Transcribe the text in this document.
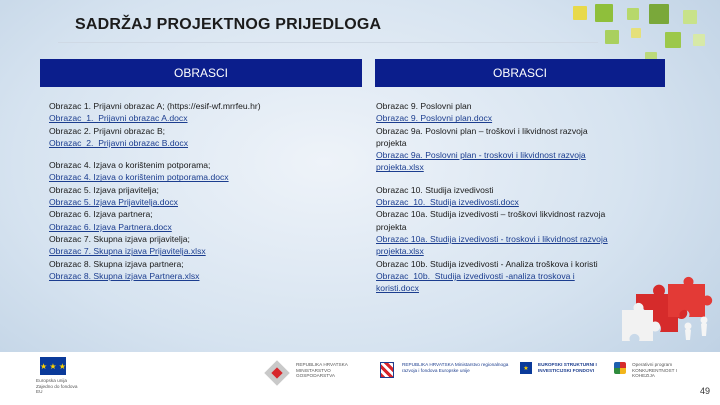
SADRŽAJ PROJEKTNOG PRIJEDLOGA
OBRASCI	OBRASCI
Obrazac 1. Prijavni obrazac A; (https://esif-wf.mrrfeu.hr)
Obrazac_1._Prijavni obrazac A.docx
Obrazac 2. Prijavni obrazac B;
Obrazac_2._Prijavni obrazac B.docx
Obrazac 4. Izjava o korištenim potporama;
Obrazac 4. Izjava o korištenim potporama.docx
Obrazac 5. Izjava prijavitelja;
Obrazac 5. Izjava Prijavitelja.docx
Obrazac 6. Izjava partnera;
Obrazac 6. Izjava Partnera.docx
Obrazac 7. Skupna izjava prijavitelja;
Obrazac 7. Skupna izjava Prijavitelja.xlsx
Obrazac 8. Skupna izjava partnera;
Obrazac 8. Skupna izjava Partnera.xlsx
Obrazac 9. Poslovni plan
Obrazac 9. Poslovni plan.docx
Obrazac 9a. Poslovni plan – troškovi i likvidnost razvoja projekta
Obrazac 9a. Poslovni plan - troskovi i likvidnost razvoja projekta.xlsx
Obrazac 10. Studija izvedivosti
Obrazac_10._Studija izvedivosti.docx
Obrazac 10a. Studija izvedivosti – troškovi likvidnost razvoja projekta
Obrazac 10a. Studija izvedivosti - troskovi i likvidnost razvoja projekta.xlsx
Obrazac 10b. Studija izvedivosti - Analiza troškova i koristi
Obrazac_10b._Studija izvedivosti -analiza troskova i koristi.docx
★ ★ ★
Europska unija Zajedno do fondova EU
REPUBLIKA HRVATSKA MINISTARSTVO GOSPODARSTVA
REPUBLIKA HRVATSKA Ministarstvo regionalnoga razvoja i fondova Europske unije	★
EUROPSKI STRUKTURNI I INVESTICIJSKI FONDOVI
Operativni program KONKURENTNOST I KOHEZIJA
49
